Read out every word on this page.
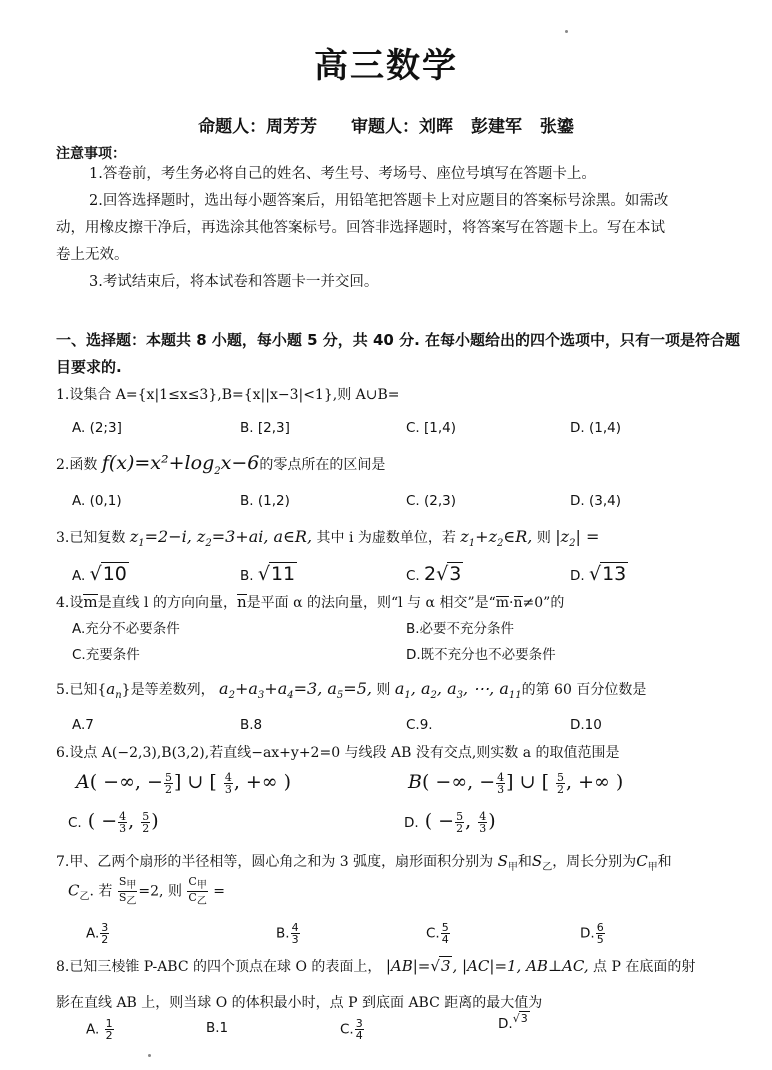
高三数学
命题人：周芳芳 审题人：刘晖 彭建军 张鎏
注意事项：
1.答卷前，考生务必将自己的姓名、考生号、考场号、座位号填写在答题卡上。
2.回答选择题时，选出每小题答案后，用铅笔把答题卡上对应题目的答案标号涂黑。如需改
动，用橡皮擦干净后，再选涂其他答案标号。回答非选择题时，将答案写在答题卡上。写在本试
卷上无效。
3.考试结束后，将本试卷和答题卡一并交回。
一、选择题：本题共 8 小题，每小题 5 分，共 40 分. 在每小题给出的四个选项中，只有一项是符合题目要求的.
1.设集合 A={x|1≤x≤3},B={x||x−3|<1},则 A∪B=
A. (2;3]	B. [2,3]	C. [1,4)	D. (1,4)
2.函数 $f(x)=x^2+\log_2x-6$的零点所在的区间是
A. (0,1)	B. (1,2)	C. (2,3)	D. (3,4)
3.已知复数 $z_1=2-i$, $z_2=3+ai$, a∈R, 其中 i 为虚数单位，若 $z_1+z_2\in R$, 则 $|z_2|$ =
A. √10	B. √11	C. 2√3	D. √13
4.设m是直线 l 的方向向量，n是平面 α 的法向量，则“l 与 α 相交”是“m·n≠0”的
A.充分不必要条件	B.必要不充分条件
C.充要条件	D.既不充分也不必要条件
5.已知$\{a_n\}$是等差数列， $a_2+a_3+a_4=3$, $a_5=5$, 则 $a_1$, $a_2$, $a_3$, ⋯, $a_{11}$的第 60 百分位数是
A.7	B.8	C.9.	D.10
6.设点 A(−2,3),B(3,2),若直线−ax+y+2=0 与线段 AB 没有交点,则实数 a 的取值范围是
A( −∞, − $\frac{5}{2}$ ] ∪ [ $\frac{4}{3}$ , +∞ )	B( −∞, − $\frac{4}{3}$ ] ∪ [ $\frac{5}{2}$ , +∞ )
C. ( − $\frac{4}{3}$ , $\frac{5}{2}$ )	D. ( − $\frac{5}{2}$ , $\frac{4}{3}$ )
7.甲、乙两个扇形的半径相等，圆心角之和为 3 弧度，扇形面积分别为 $S_甲$和$S_乙$，周长分别为$C_甲$和
$C_乙$. 若 $\frac{S_甲}{S_乙} =2$, 则 $\frac{C_甲}{C_乙}$ =
A. $\frac{3}{2}$	B. $\frac{4}{3}$	C. $\frac{5}{4}$	D. $\frac{6}{5}$
8.已知三棱锥 P-ABC 的四个顶点在球 O 的表面上， |AB|=√3 , |AC|=1, AB⊥AC, 点 P 在底面的射
影在直线 AB 上，则当球 O 的体积最小时，点 P 到底面 ABC 距离的最大值为
A. $\frac{1}{2}$	B.1	C. $\frac{3}{4}$	D.$^{√3}$
